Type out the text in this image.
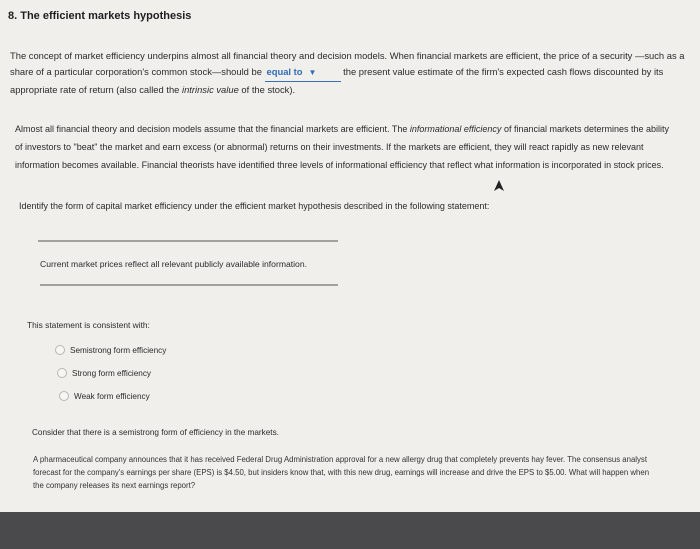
8. The efficient markets hypothesis
The concept of market efficiency underpins almost all financial theory and decision models. When financial markets are efficient, the price of a security —such as a share of a particular corporation's common stock—should be equal to ▼	the present value estimate of the firm's expected cash flows discounted by its appropriate rate of return (also called the intrinsic value of the stock).
Almost all financial theory and decision models assume that the financial markets are efficient. The informational efficiency of financial markets determines the ability of investors to "beat" the market and earn excess (or abnormal) returns on their investments. If the markets are efficient, they will react rapidly as new relevant information becomes available. Financial theorists have identified three levels of informational efficiency that reflect what information is incorporated in stock prices.
Identify the form of capital market efficiency under the efficient market hypothesis described in the following statement:
Current market prices reflect all relevant publicly available information.
This statement is consistent with:
Semistrong form efficiency
Strong form efficiency
Weak form efficiency
Consider that there is a semistrong form of efficiency in the markets.
A pharmaceutical company announces that it has received Federal Drug Administration approval for a new allergy drug that completely prevents hay fever. The consensus analyst forecast for the company's earnings per share (EPS) is $4.50, but insiders know that, with this new drug, earnings will increase and drive the EPS to $5.00. What will happen when the company releases its next earnings report?
